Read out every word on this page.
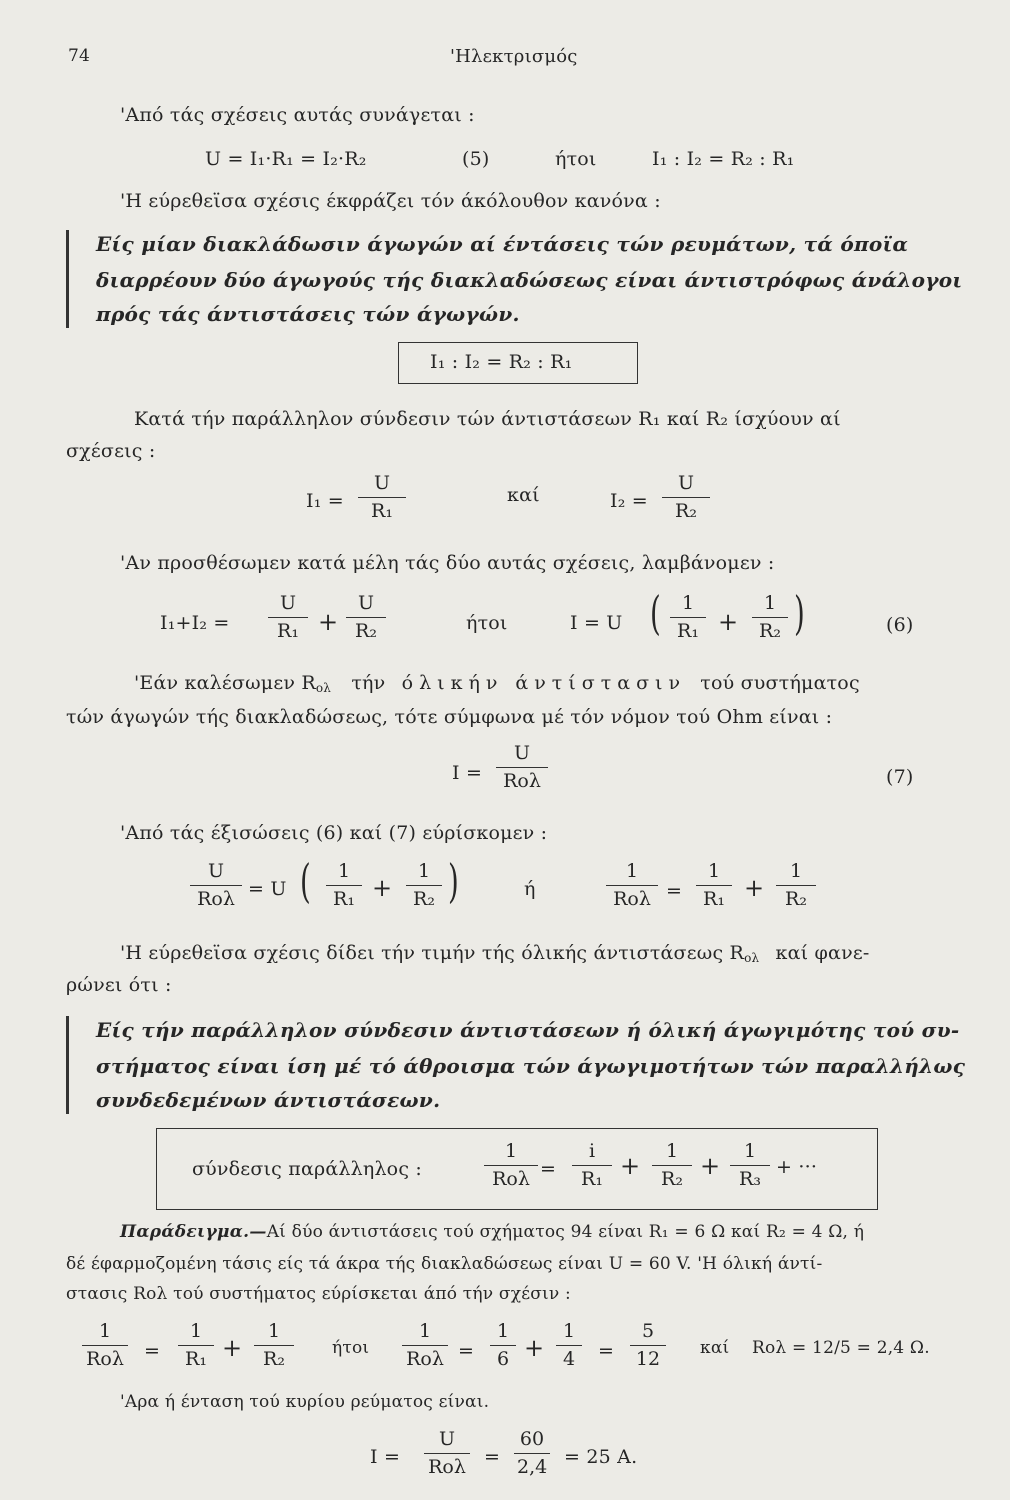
74	'Ηλεκτρισμός
'Από τάς σχέσεις αυτάς συνάγεται :
U = I₁·R₁ = I₂·R₂	(5)	ήτοι	I₁ : I₂ = R₂ : R₁
'Η εύρεθεϊσα σχέσις έκφράζει τόν άκόλουθον κανόνα :
Είς μίαν διακλάδωσιν άγωγών αί έντάσεις τών ρευμάτων, τά όποϊα
διαρρέουν δύο άγωγούς τής διακλαδώσεως είναι άντιστρόφως άνάλογοι
πρός τάς άντιστάσεις τών άγωγών.
I₁ : I₂ = R₂ : R₁
Κατά τήν παράλληλον σύνδεσιν τών άντιστάσεων R₁ καί R₂ ίσχύουν αί
σχέσεις :
$I_1 = \frac{U}{\text{R₁}}$	καί	$I_2 = \frac{U}{\text{R₂}}$
'Αν προσθέσωμεν κατά μέλη τάς δύο αυτάς σχέσεις, λαμβάνομεν :
$I_1+I_2 = \frac{U}{\text{R₁}} + \frac{U}{\text{R₂}}$	ήτοι	I = U ( $\frac{1}{\text{R₁}} + \frac{1}{\text{R₂}}$ )	(6)
'Εάν καλέσωμεν $R_{o\lambda}$ τήν όλικήν άντίστασιν τού συστήματος
τών άγωγών τής διακλαδώσεως, τότε σύμφωνα μέ τόν νόμον τού Ohm είναι :
I =
U
Rολ	(7)
'Από τάς έξισώσεις (6) καί (7) εύρίσκομεν :
U
Rολ = U ( $\frac{1}{\text{R₁}} + \frac{1}{\text{R₂}}$ )	ή
1
$Ro\lambda = \frac{1}{\text{R₁}} + \frac{1}{\text{R₂}}$
'Η εύρεθεϊσα σχέσις δίδει τήν τιμήν τής όλικής άντιστάσεως $R_{o\lambda}$ καί φανε-
ρώνει ότι :
Είς τήν παράλληλον σύνδεσιν άντιστάσεων ή όλική άγωγιμότης τού συ-
στήματος είναι ίση μέ τό άθροισμα τών άγωγιμοτήτων τών παραλλήλως
συνδεδεμένων άντιστάσεων.
σύνδεσις παράλληλος :
1
$Ro\lambda = \frac{i}{\text{R₁}} + \frac{1}{\text{R₂}} + \frac{1}{\text{R₃}}$ + ···
Παράδειγμα.—Αί δύο άντιστάσεις τού σχήματος 94 είναι R₁ = 6 Ω καί R₂ = 4 Ω, ή
δέ έφαρμοζομένη τάσις είς τά άκρα τής διακλαδώσεως είναι U = 60 V. 'Η όλική άντί-
στασις Rολ τού συστήματος εύρίσκεται άπό τήν σχέσιν :
1
$Ro\lambda = \frac{1}{\text{R₁}} + \frac{1}{\text{R₂}}$ ήτοι
1
$Ro\lambda = \frac{1}{6} + \frac{1}{4} = \frac{5}{12}$ καί Rολ = 12/5 = 2,4 Ω.
'Αρα ή ένταση τού κυρίου ρεύματος είναι.
I =
U
$Ro\lambda = \frac{60}{2,4} = 25$ A.
